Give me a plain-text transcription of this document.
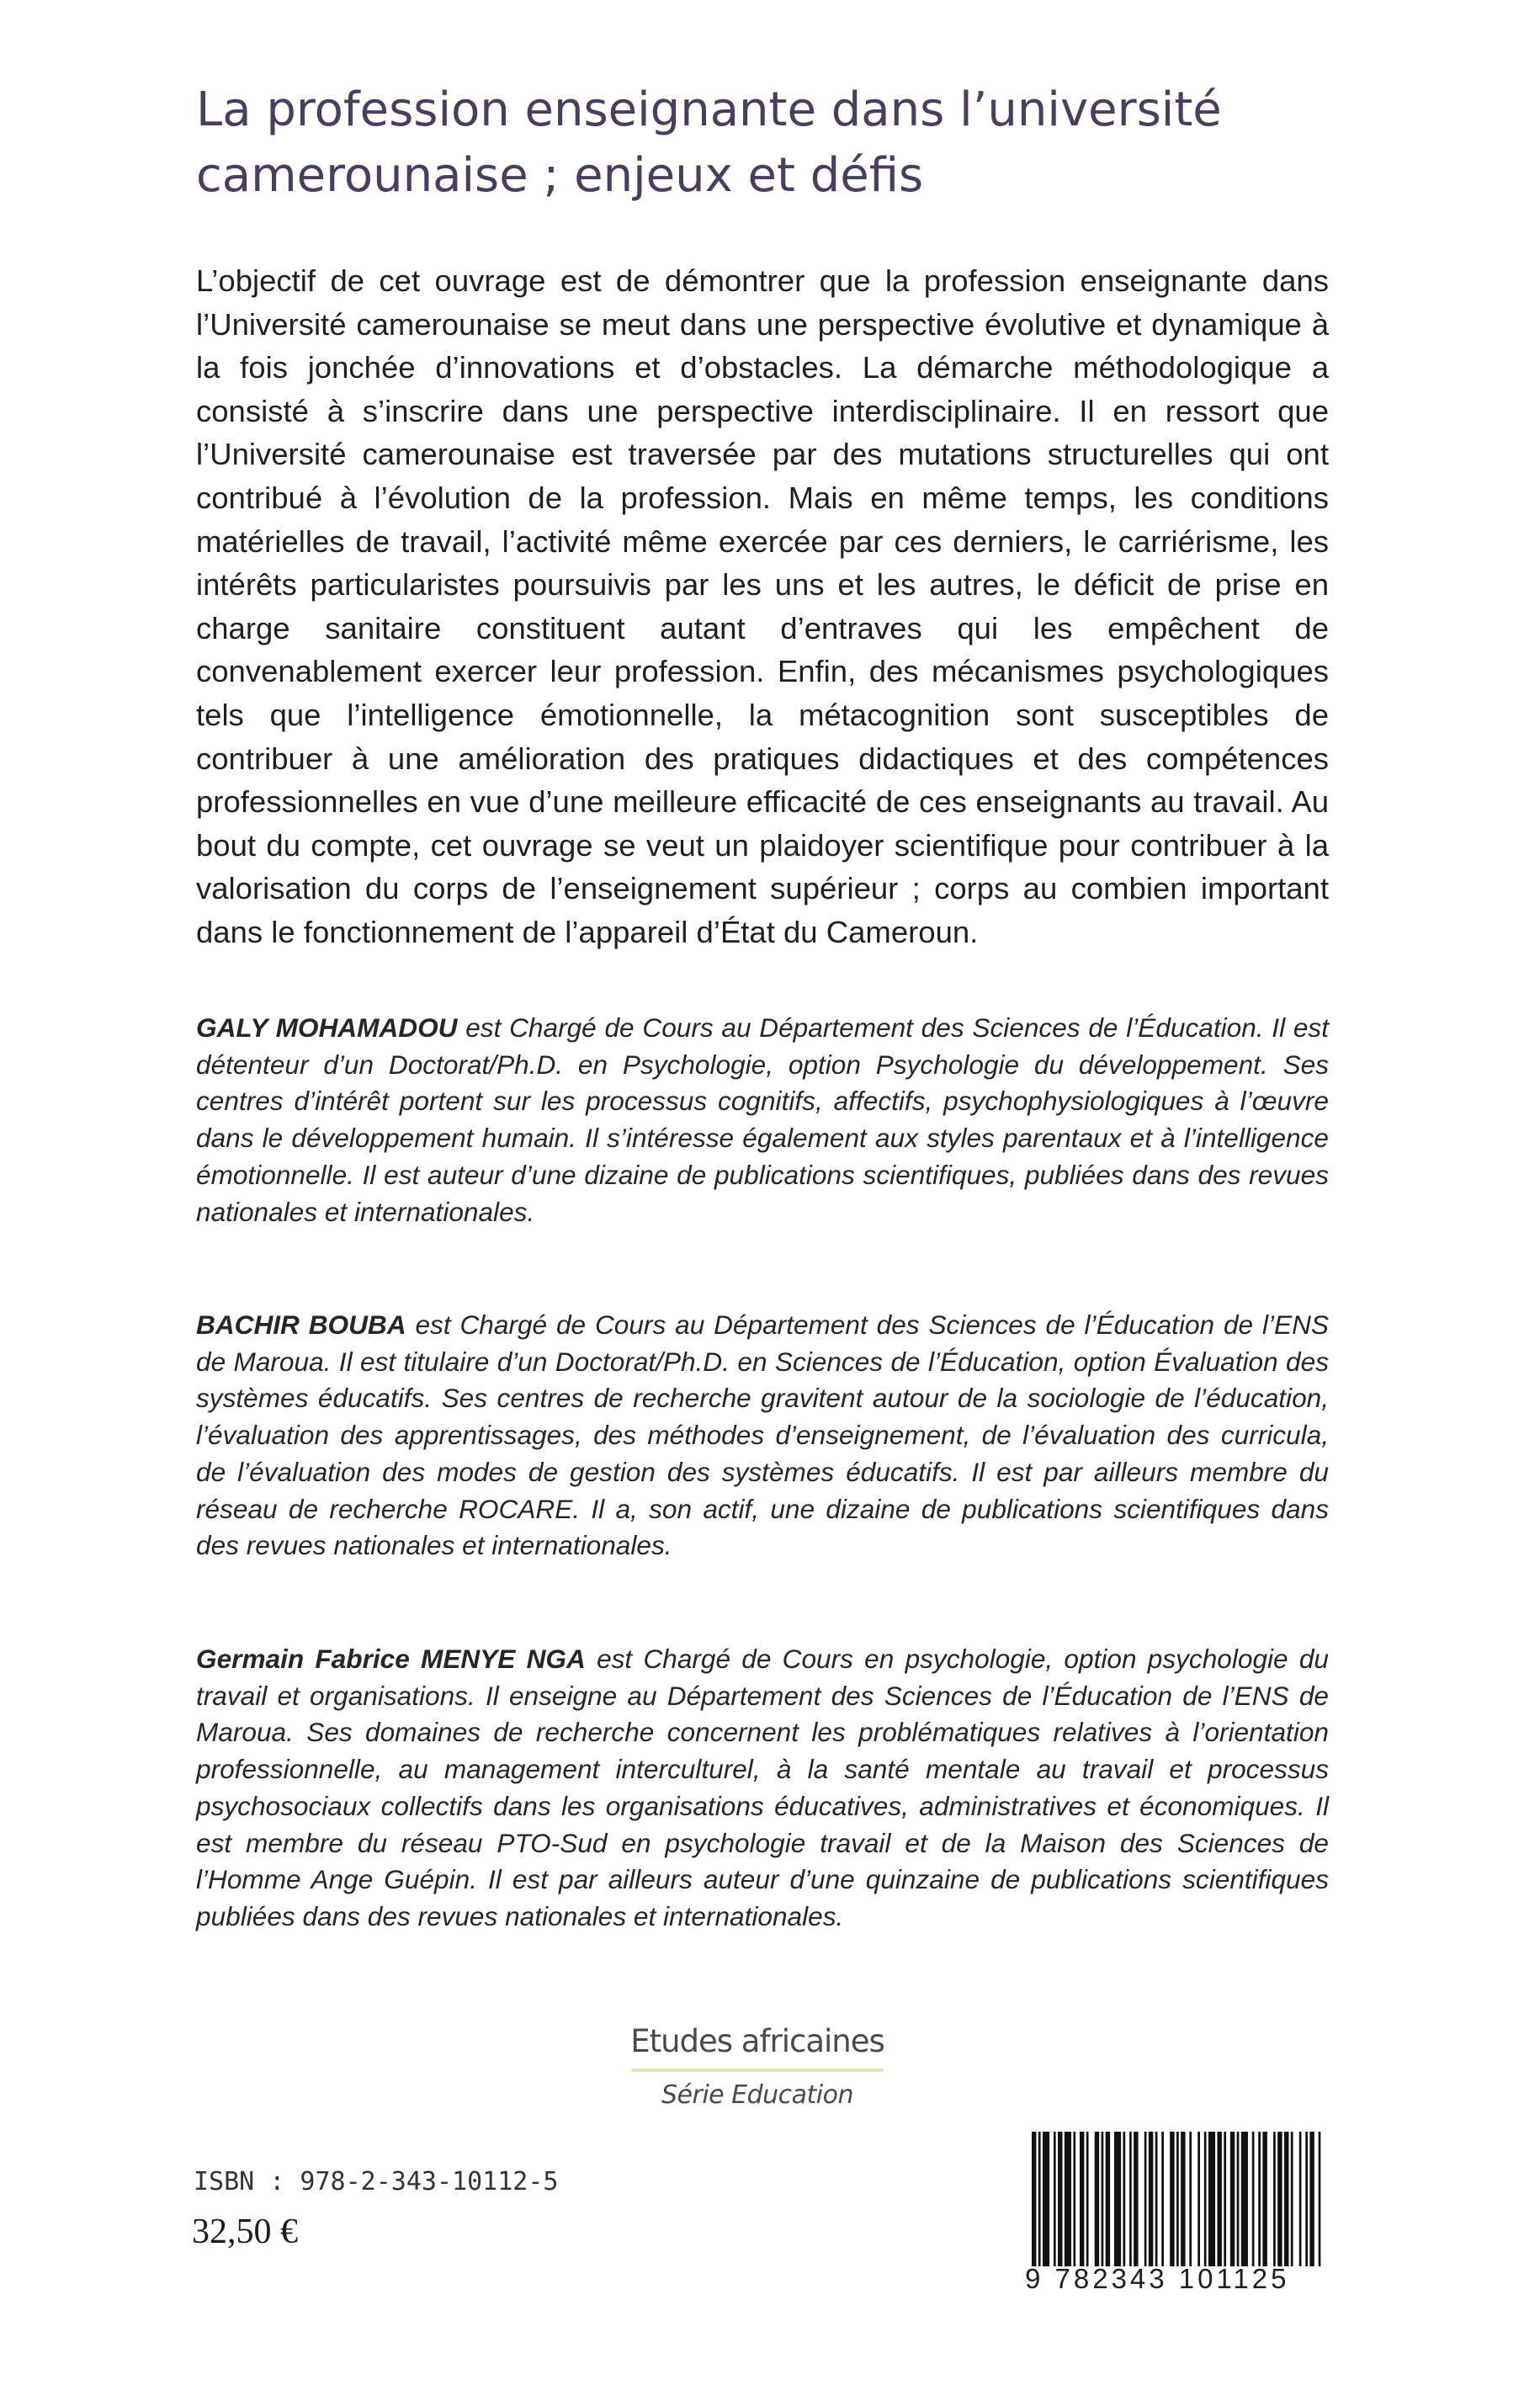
La profession enseignante dans l’université
camerounaise ; enjeux et défis

L’objectif de cet ouvrage est de démontrer que la profession enseignante dans l’Université camerounaise se meut dans une perspective évolutive et dynamique à la fois jonchée d’innovations et d’obstacles. La démarche méthodologique a consisté à s’inscrire dans une perspective interdisciplinaire. Il en ressort que l’Université camerounaise est traversée par des mutations structurelles qui ont contribué à l’évolution de la profession. Mais en même temps, les conditions matérielles de travail, l’activité même exercée par ces derniers, le carriérisme, les intérêts particularistes poursuivis par les uns et les autres, le déficit de prise en charge sanitaire constituent autant d’entraves qui les empêchent de convenablement exercer leur profession. Enfin, des mécanismes psychologiques tels que l’intelligence émotionnelle, la métacognition sont susceptibles de contribuer à une amélioration des pratiques didactiques et des compétences professionnelles en vue d’une meilleure efficacité de ces enseignants au travail. Au bout du compte, cet ouvrage se veut un plaidoyer scientifique pour contribuer à la valorisation du corps de l’enseignement supérieur ; corps au combien important dans le fonctionnement de l’appareil d’État du Cameroun.

GALY MOHAMADOU est Chargé de Cours au Département des Sciences de l’Éducation. Il est détenteur d’un Doctorat/Ph.D. en Psychologie, option Psychologie du développement. Ses centres d’intérêt portent sur les processus cognitifs, affectifs, psychophysiologiques à l’œuvre dans le développement humain. Il s’intéresse également aux styles parentaux et à l’intelligence émotionnelle. Il est auteur d’une dizaine de publications scientifiques, publiées dans des revues nationales et internationales.

BACHIR BOUBA est Chargé de Cours au Département des Sciences de l’Éducation de l’ENS de Maroua. Il est titulaire d’un Doctorat/Ph.D. en Sciences de l’Éducation, option Évaluation des systèmes éducatifs. Ses centres de recherche gravitent autour de la sociologie de l’éducation, l’évaluation des apprentissages, des méthodes d’enseignement, de l’évaluation des curricula, de l’évaluation des modes de gestion des systèmes éducatifs. Il est par ailleurs membre du réseau de recherche ROCARE. Il a, son actif, une dizaine de publications scientifiques dans des revues nationales et internationales.

Germain Fabrice MENYE NGA est Chargé de Cours en psychologie, option psychologie du travail et organisations. Il enseigne au Département des Sciences de l’Éducation de l’ENS de Maroua. Ses domaines de recherche concernent les problématiques relatives à l’orientation professionnelle, au management interculturel, à la santé mentale au travail et processus psychosociaux collectifs dans les organisations éducatives, administratives et économiques. Il est membre du réseau PTO-Sud en psychologie travail et de la Maison des Sciences de l’Homme Ange Guépin. Il est par ailleurs auteur d’une quinzaine de publications scientifiques publiées dans des revues nationales et internationales.

Etudes africaines
Série Education
ISBN : 978-2-343-10112-5
32,50 €
9 782343 101125
